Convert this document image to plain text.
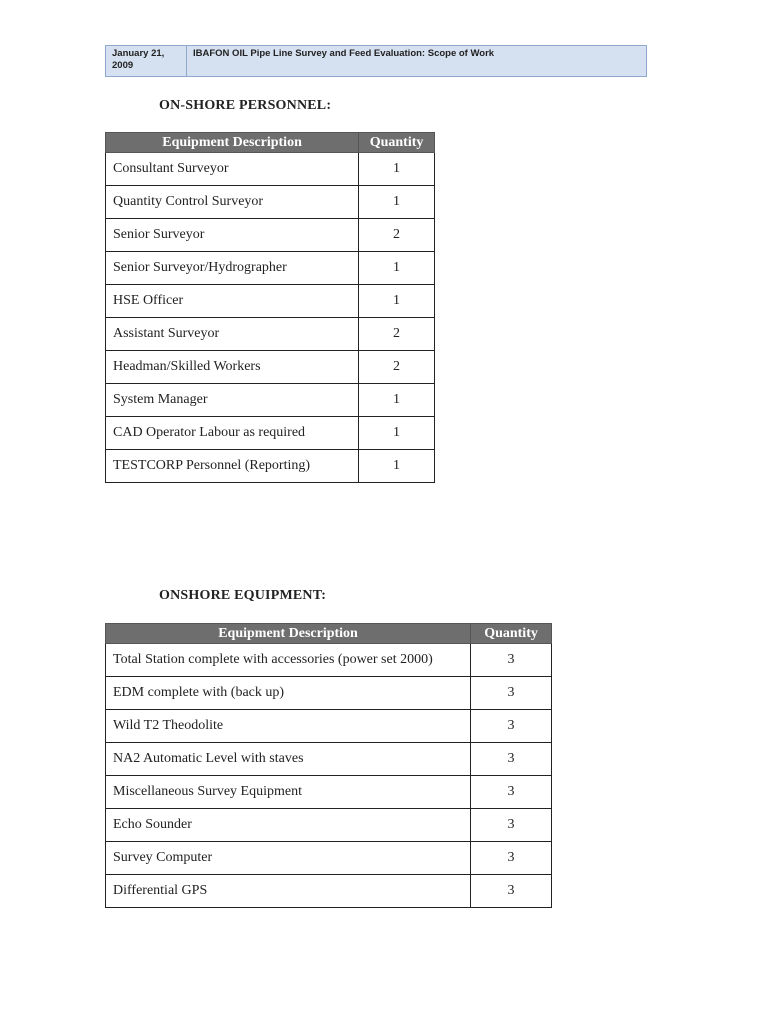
January 21, 2009
IBAFON OIL Pipe Line Survey and Feed Evaluation: Scope of Work
ON-SHORE PERSONNEL:
Equipment Description	Quantity
Consultant Surveyor	1
Quantity Control Surveyor	1
Senior Surveyor	2
Senior Surveyor/Hydrographer	1
HSE Officer	1
Assistant Surveyor	2
Headman/Skilled Workers	2
System Manager	1
CAD Operator Labour as required	1
TESTCORP Personnel (Reporting)	1
ONSHORE EQUIPMENT:
Equipment Description	Quantity
Total Station complete with accessories (power set 2000)	3
EDM complete with (back up)	3
Wild T2 Theodolite	3
NA2 Automatic Level with staves	3
Miscellaneous Survey Equipment	3
Echo Sounder	3
Survey Computer	3
Differential GPS	3
